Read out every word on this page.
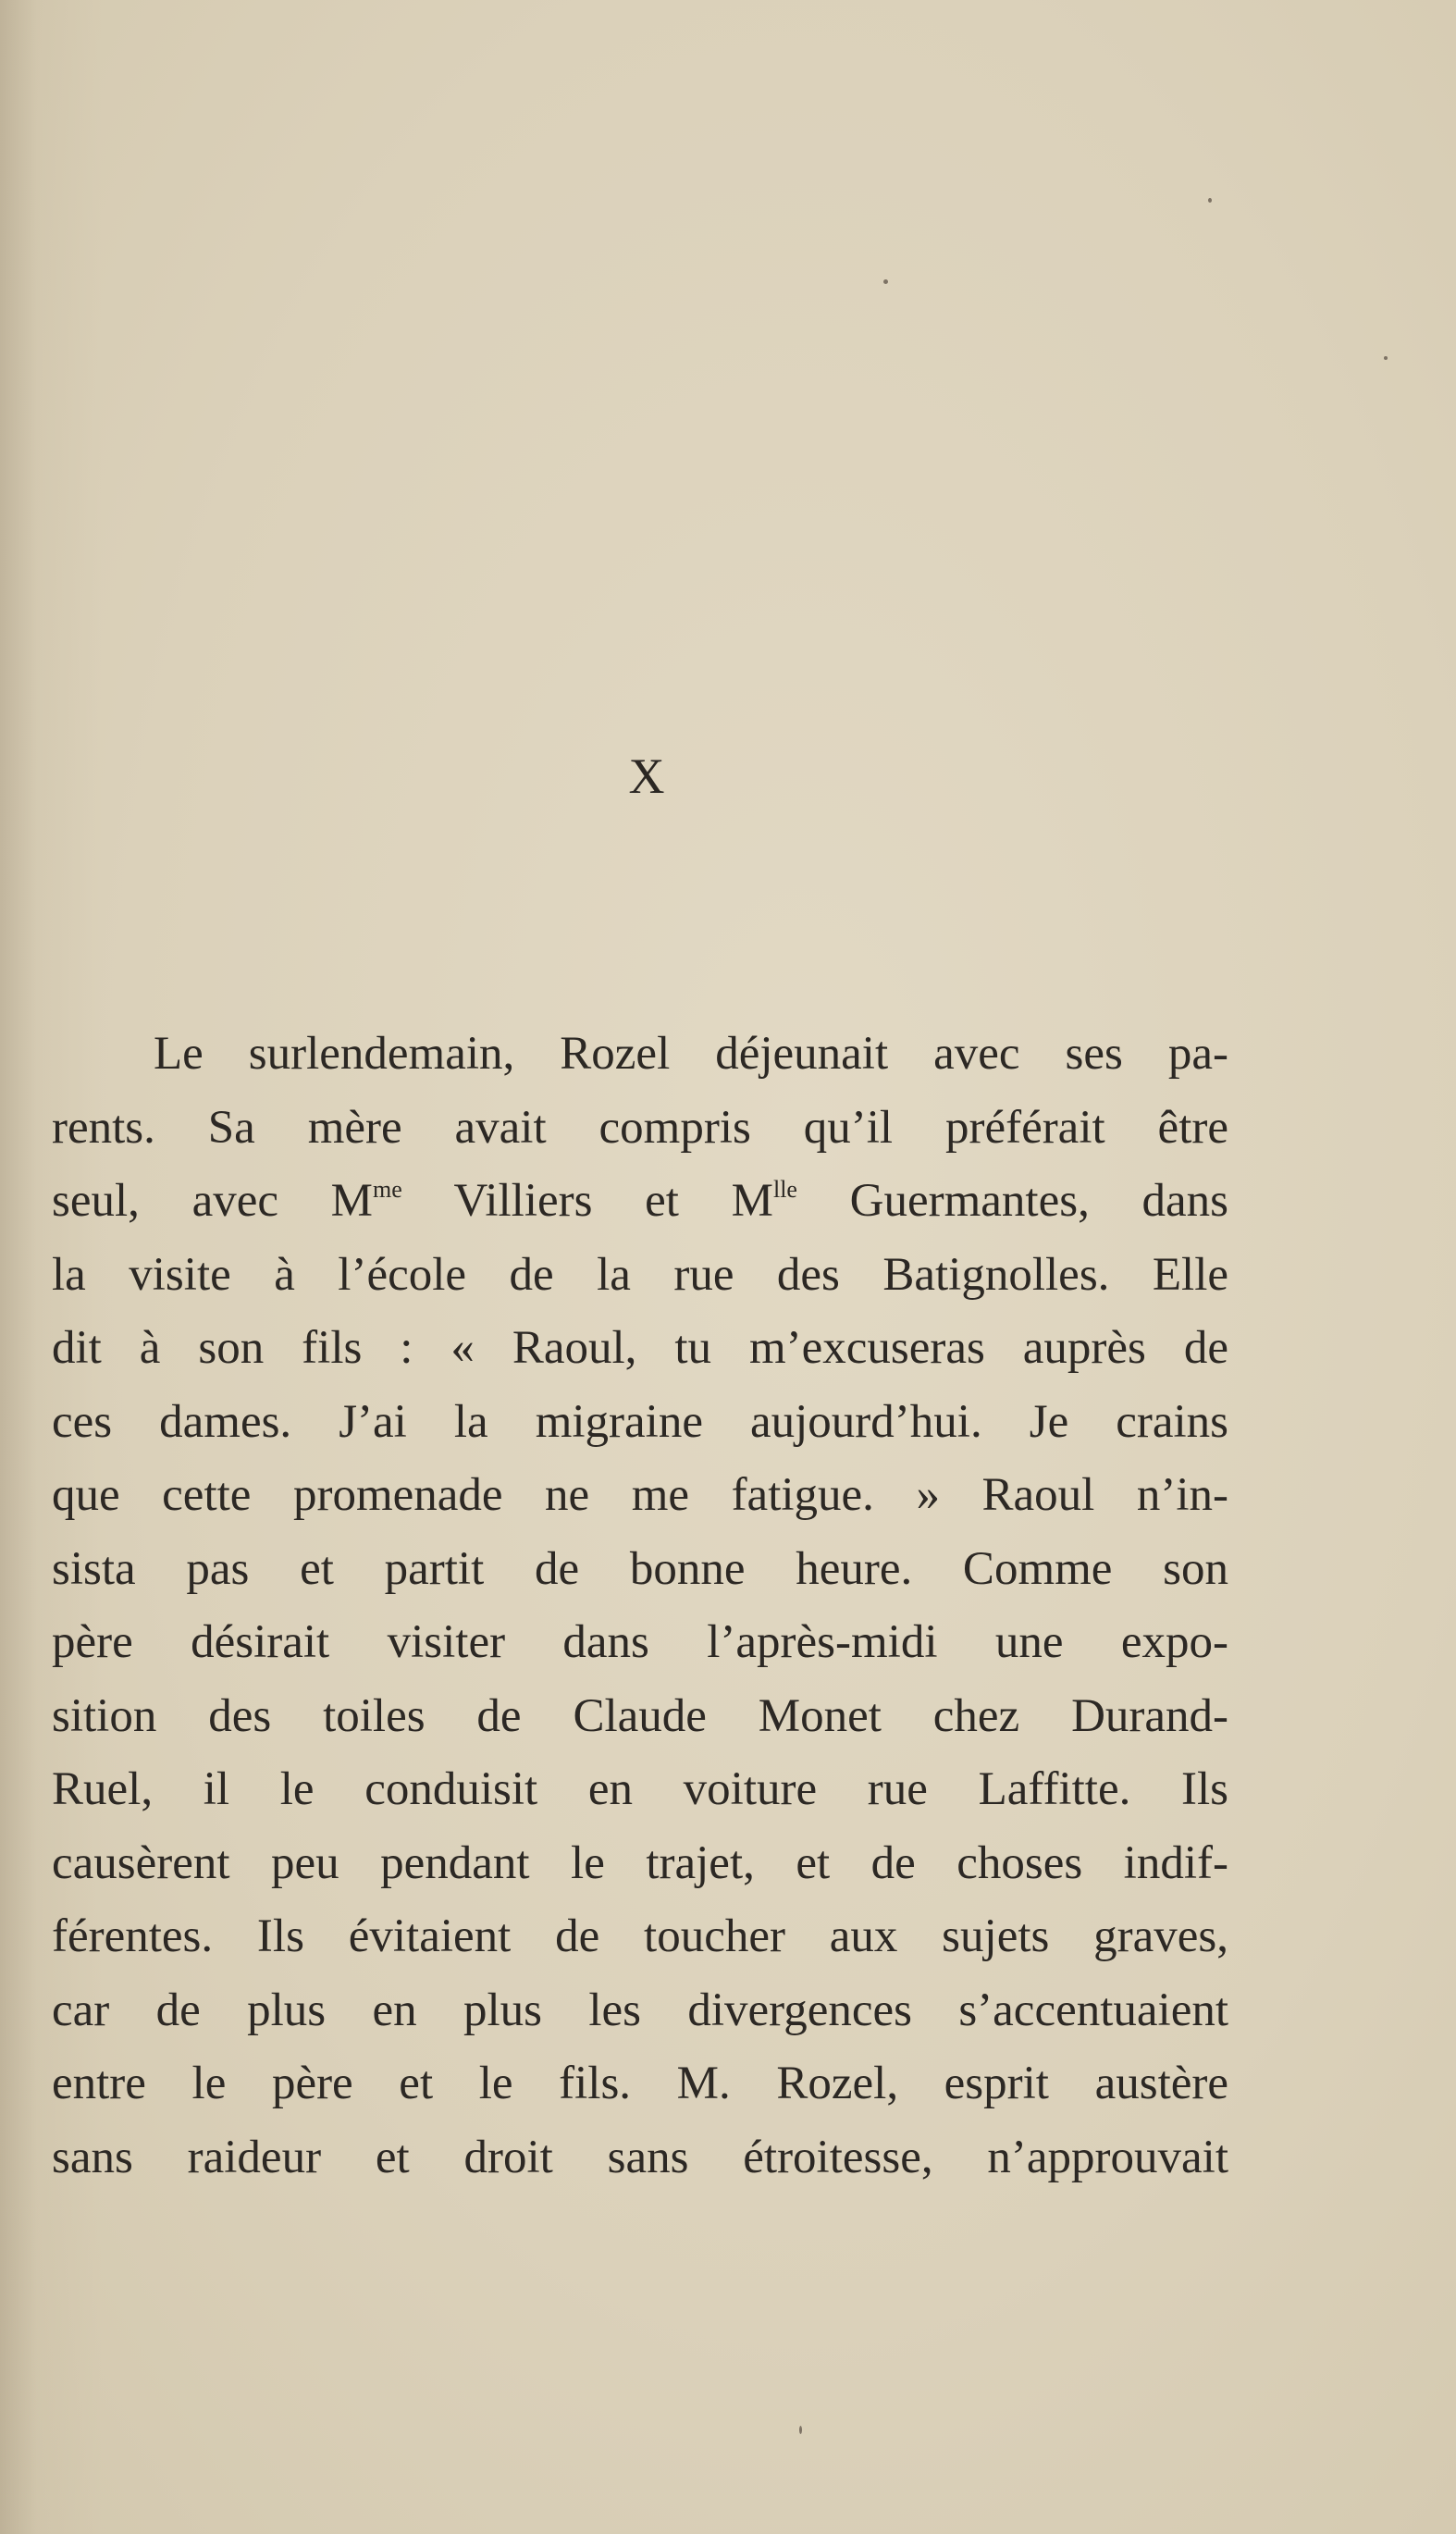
X
Le surlendemain, Rozel déjeunait avec ses pa-
rents. Sa mère avait compris qu’il préférait être
seul, avec $M^{me}$ Villiers et $M^{lle}$ Guermantes, dans
la visite à l’école de la rue des Batignolles. Elle
dit à son fils : « Raoul, tu m’excuseras auprès de
ces dames. J’ai la migraine aujourd’hui. Je crains
que cette promenade ne me fatigue. » Raoul n’in-
sista pas et partit de bonne heure. Comme son
père désirait visiter dans l’après-midi une expo-
sition des toiles de Claude Monet chez Durand-
Ruel, il le conduisit en voiture rue Laffitte. Ils
causèrent peu pendant le trajet, et de choses indif-
férentes. Ils évitaient de toucher aux sujets graves,
car de plus en plus les divergences s’accentuaient
entre le père et le fils. M. Rozel, esprit austère
sans raideur et droit sans étroitesse, n’approuvait
